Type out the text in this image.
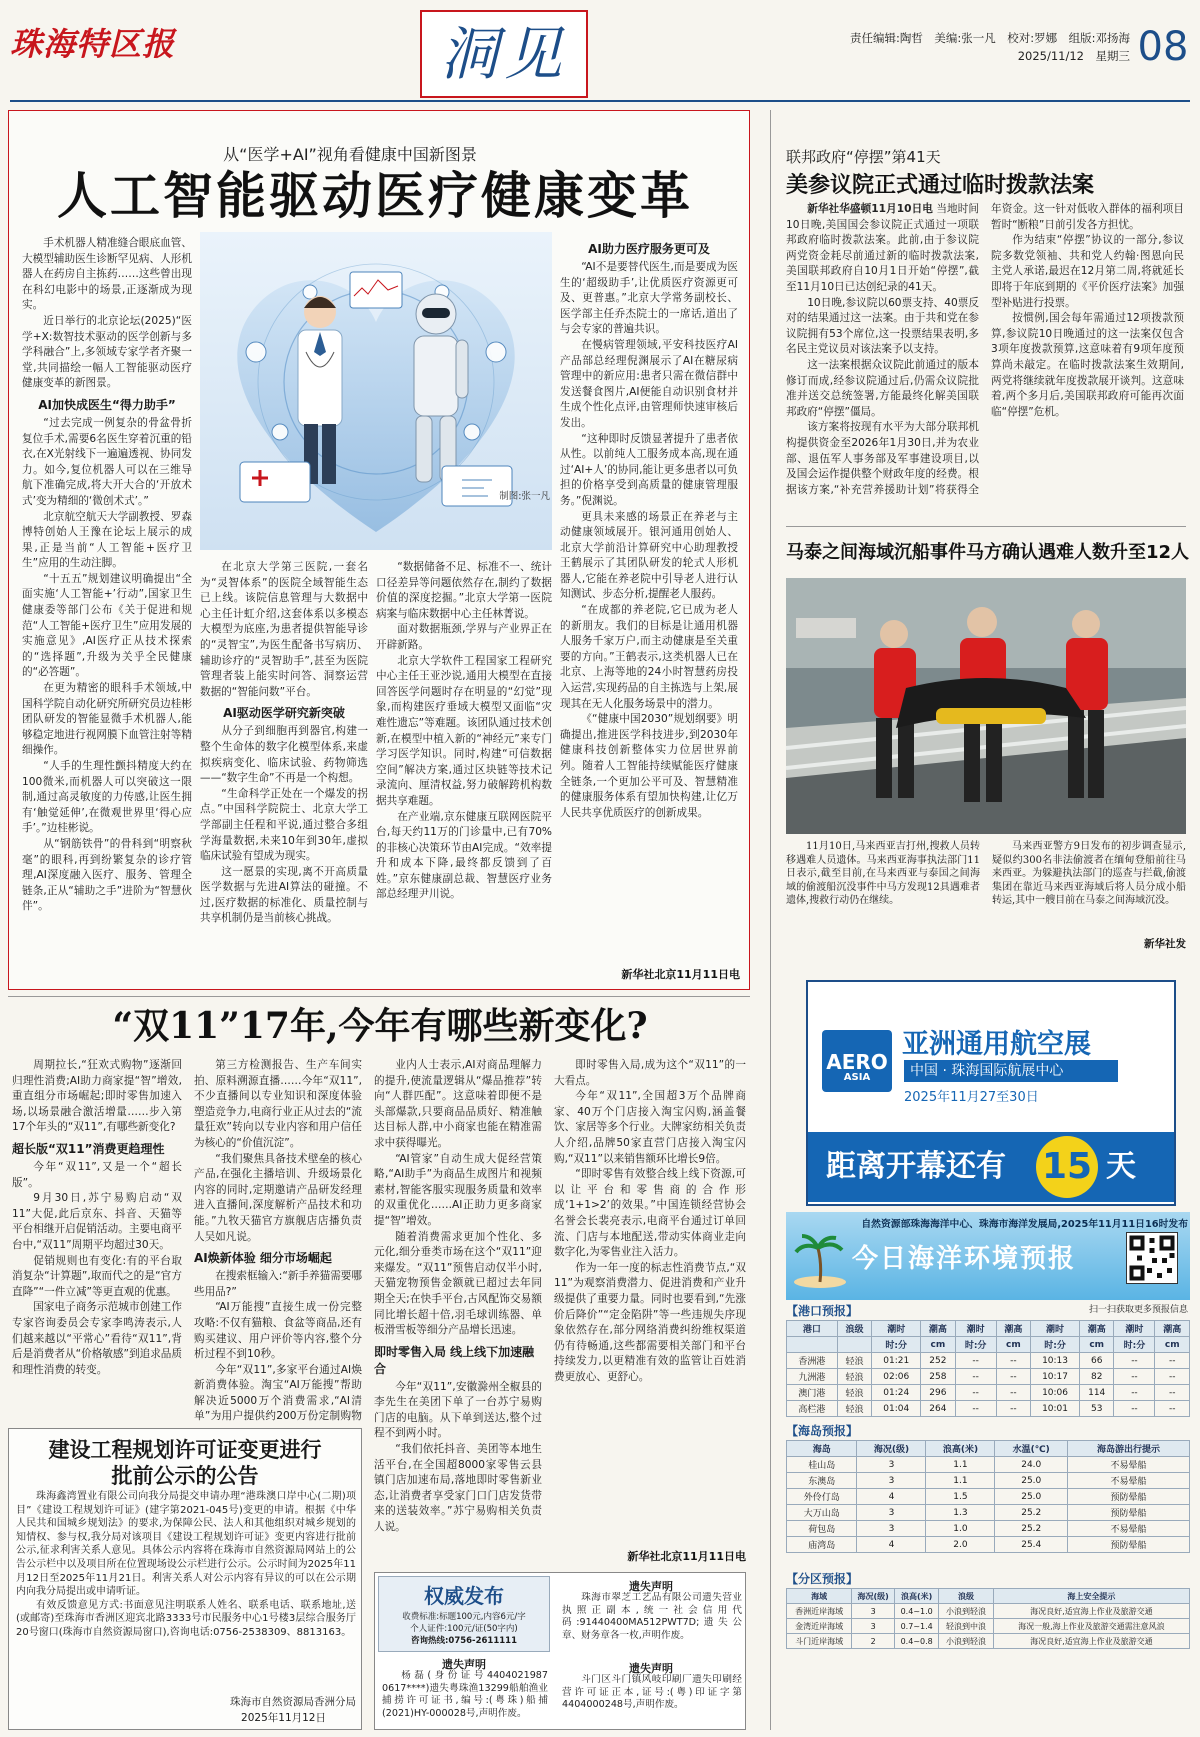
珠海特区报	洞见	责任编辑:陶哲　美编:张一凡　校对:罗娜　组版:邓扬海
2025/11/12　星期三 08
从“医学+AI”视角看健康中国新图景
人工智能驱动医疗健康变革
制图:张一凡

手术机器人精准缝合眼底血管、大模型辅助医生诊断罕见病、人形机器人在药房自主拣药……这些曾出现在科幻电影中的场景,正逐渐成为现实。

近日举行的北京论坛(2025)“医学+X:数智技术驱动的医学创新与多学科融合”上,多领域专家学者齐聚一堂,共同描绘一幅人工智能驱动医疗健康变革的新图景。

AI加快成医生“得力助手”

“过去完成一例复杂的骨盆骨折复位手术,需要6名医生穿着沉重的铅衣,在X光射线下一遍遍透视、协同发力。如今,复位机器人可以在三维导航下准确完成,将大开大合的‘开放术式’变为精细的‘微创术式’。”

北京航空航天大学副教授、罗森博特创始人王豫在论坛上展示的成果,正是当前“人工智能+医疗卫生”应用的生动注脚。

“十五五”规划建议明确提出“全面实施‘人工智能+’行动”,国家卫生健康委等部门公布《关于促进和规范“人工智能+医疗卫生”应用发展的实施意见》,AI医疗正从技术探索的“选择题”,升级为关乎全民健康的“必答题”。

在更为精密的眼科手术领域,中国科学院自动化研究所研究员边桂彬团队研发的智能显微手术机器人,能够稳定地进行视网膜下血管注射等精细操作。

“人手的生理性颤抖精度大约在100微米,而机器人可以突破这一限制,通过高灵敏度的力传感,让医生拥有‘触觉延伸’,在微观世界里‘得心应手’。”边桂彬说。

从“钢筋铁骨”的骨科到“明察秋毫”的眼科,再到纷繁复杂的诊疗管理,AI深度融入医疗、服务、管理全链条,正从“辅助之手”进阶为“智慧伙伴”。

在北京大学第三医院,一套名为“灵智体系”的医院全域智能生态已上线。该院信息管理与大数据中心主任计虹介绍,这套体系以多模态大模型为底座,为患者提供智能导诊的“灵智宝”,为医生配备书写病历、辅助诊疗的“灵智助手”,甚至为医院管理者装上能实时问答、洞察运营数据的“智能问数”平台。

AI驱动医学研究新突破

从分子到细胞再到器官,构建一整个生命体的数字化模型体系,来虚拟疾病变化、临床试验、药物筛选——“数字生命”不再是一个构想。

“生命科学正处在一个爆发的拐点。”中国科学院院士、北京大学工学部副主任程和平说,通过整合多组学海量数据,未来10年到30年,虚拟临床试验有望成为现实。

这一愿景的实现,离不开高质量医学数据与先进AI算法的碰撞。不过,医疗数据的标准化、质量控制与共享机制仍是当前核心挑战。

“数据储备不足、标准不一、统计口径差异等问题依然存在,制约了数据价值的深度挖掘。”北京大学第一医院病案与临床数据中心主任林菁说。

面对数据瓶颈,学界与产业界正在开辟新路。

北京大学软件工程国家工程研究中心主任王亚沙说,通用大模型在直接回答医学问题时存在明显的“幻觉”现象,而构建医疗垂域大模型又面临“灾难性遗忘”等难题。该团队通过技术创新,在模型中植入新的“神经元”来专门学习医学知识。同时,构建“可信数据空间”解决方案,通过区块链等技术记录流向、厘清权益,努力破解跨机构数据共享难题。

在产业端,京东健康互联网医院平台,每天约11万的门诊量中,已有70%的非核心决策环节由AI完成。“效率提升和成本下降,最终都反馈到了百姓。”京东健康副总裁、智慧医疗业务部总经理尹川说。

AI助力医疗服务更可及

“AI不是要替代医生,而是要成为医生的‘超级助手’,让优质医疗资源更可及、更普惠。”北京大学常务副校长、医学部主任乔杰院士的一席话,道出了与会专家的普遍共识。

在慢病管理领域,平安科技医疗AI产品部总经理倪渊展示了AI在糖尿病管理中的新应用:患者只需在微信群中发送餐食图片,AI便能自动识别食材并生成个性化点评,由管理师快速审核后发出。

“这种即时反馈显著提升了患者依从性。以前纯人工服务成本高,现在通过‘AI+人’的协同,能让更多患者以可负担的价格享受到高质量的健康管理服务。”倪渊说。

更具未来感的场景正在养老与主动健康领域展开。银河通用创始人、北京大学前沿计算研究中心助理教授王鹤展示了其团队研发的轮式人形机器人,它能在养老院中引导老人进行认知测试、步态分析,提醒老人服药。

“在成都的养老院,它已成为老人的新朋友。我们的目标是让通用机器人服务千家万户,而主动健康是至关重要的方向。”王鹤表示,这类机器人已在北京、上海等地的24小时智慧药房投入运营,实现药品的自主拣选与上架,展现其在无人化服务场景中的潜力。

《“健康中国2030”规划纲要》明确提出,推进医学科技进步,到2030年健康科技创新整体实力位居世界前列。随着人工智能持续赋能医疗健康全链条,一个更加公平可及、智慧精准的健康服务体系有望加快构建,让亿万人民共享优质医疗的创新成果。

新华社北京11月11日电
联邦政府“停摆”第41天
美参议院正式通过临时拨款法案

新华社华盛顿11月10日电 当地时间10日晚,美国国会参议院正式通过一项联邦政府临时拨款法案。此前,由于参议院两党资金耗尽前通过新的临时拨款法案,美国联邦政府自10月1日开始“停摆”,截至11月10日已达创纪录的41天。

10日晚,参议院以60票支持、40票反对的结果通过这一法案。由于共和党在参议院拥有53个席位,这一投票结果表明,多名民主党议员对该法案予以支持。

这一法案根据众议院此前通过的版本修订而成,经参议院通过后,仍需众议院批准并送交总统签署,方能最终化解美国联邦政府“停摆”僵局。

该方案将按现有水平为大部分联邦机构提供资金至2026年1月30日,并为农业部、退伍军人事务部及军事建设项目,以及国会运作提供整个财政年度的经费。根据该方案,“补充营养援助计划”将获得全年资金。这一针对低收入群体的福利项目暂时“断粮”日前引发各方担忧。

作为结束“停摆”协议的一部分,参议院多数党领袖、共和党人约翰·图恩向民主党人承诺,最迟在12月第二周,将就延长即将于年底到期的《平价医疗法案》加强型补贴进行投票。

按惯例,国会每年需通过12项拨款预算,参议院10日晚通过的这一法案仅包含3项年度拨款预算,这意味着有9项年度预算尚未敲定。在临时拨款法案生效期间,两党将继续就年度拨款展开谈判。这意味着,两个多月后,美国联邦政府可能再次面临“停摆”危机。

马泰之间海域沉船事件马方确认遇难人数升至12人
11月10日,马来西亚吉打州,搜救人员转移遇难人员遗体。马来西亚海事执法部门11日表示,截至目前,在马来西亚与泰国之间海域的偷渡船沉没事件中马方发现12具遇难者遗体,搜救行动仍在继续。
马来西亚警方9日发布的初步调查显示,疑似约300名非法偷渡者在缅甸登船前往马来西亚。为躲避执法部门的巡查与拦截,偷渡集团在靠近马来西亚海域后将人员分成小船转运,其中一艘目前在马泰之间海域沉没。
新华社发
“双11”17年,今年有哪些新变化?

周期拉长,“狂欢式购物”逐渐回归理性消费;AI助力商家提“智”增效,重直组分市场崛起;即时零售加速入场,以场景融合激活增量……步入第17个年头的“双11”,有哪些新变化?

超长版“双11”消费更趋理性

今年“双11”,又是一个“超长版”。

9月30日,苏宁易购启动“双11”大促,此后京东、抖音、天猫等平台相继开启促销活动。主要电商平台中,“双11”周期平均超过30天。

促销规则也有变化:有的平台取消复杂“计算题”,取而代之的是“官方直降”“一件立减”等更直观的优惠。

国家电子商务示范城市创建工作专家咨询委员会专家李鸣涛表示,人们越来越以“平常心”看待“双11”,背后是消费者从“价格敏感”到追求品质和理性消费的转变。

第三方检测报告、生产车间实拍、原料溯源直播……今年“双11”,不少直播间以专业知识和深度体验塑造竞争力,电商行业正从过去的“流量狂欢”转向以专业内容和用户信任为核心的“价值沉淀”。

“我们聚焦具备技术壁垒的核心产品,在强化主播培训、升级场景化内容的同时,定期邀请产品研发经理进入直播间,深度解析产品技术和功能。”九牧天猫官方旗舰店店播负责人吴如凡说。

AI焕新体验 细分市场崛起

在搜索框输入:“新手养猫需要哪些用品?”

“AI万能搜”直接生成一份完整攻略:不仅有猫粮、食盆等商品,还有购买建议、用户评价等内容,整个分析过程不到10秒。

今年“双11”,多家平台通过AI焕新消费体验。淘宝“AI万能搜”帮助解决近5000万个消费需求,“AI清单”为用户提供约200万份定制购物

业内人士表示,AI对商品理解力的提升,使流量逻辑从“爆品推荐”转向“人群匹配”。这意味着即便不是头部爆款,只要商品品质好、精准触达目标人群,中小商家也能在精准需求中获得曝光。

“AI管家”自动生成大促经营策略,“AI助手”为商品生成图片和视频素材,智能客服实现服务质量和效率的双重优化……AI正助力更多商家提“智”增效。

随着消费需求更加个性化、多元化,细分垂类市场在这个“双11”迎来爆发。“双11”预售启动仅半小时,天猫宠物预售金额就已超过去年同期全天;在快手平台,古风配饰交易额同比增长超十倍,羽毛球训练器、单板滑雪板等细分产品增长迅速。

即时零售入局 线上线下加速融合

今年“双11”,安徽滁州全椒县的李先生在美团下单了一台苏宁易购门店的电脑。从下单到送达,整个过程不到两小时。

“我们依托抖音、美团等本地生活平台,在全国超8000家零售云县镇门店加速布局,落地即时零售新业态,让消费者享受家门口门店发货带来的送装效率。”苏宁易购相关负责人说。

即时零售入局,成为这个“双11”的一大看点。

今年“双11”,全国超3万个品牌商家、40万个门店接入淘宝闪购,涵盖餐饮、家居等多个行业。大牌家纺相关负责人介绍,品牌50家直营门店接入淘宝闪购,“双11”以来销售额环比增长9倍。

“即时零售有效整合线上线下资源,可以让平台和零售商的合作形成‘1+1>2’的效果。”中国连锁经营协会名誉会长裴亮表示,电商平台通过订单回流、门店与本地配送,带动实体商业走向数字化,为零售业注入活力。

作为一年一度的标志性消费节点,“双11”为观察消费潜力、促进消费和产业升级提供了重要力量。同时也要看到,“先涨价后降价”“定金陷阱”等一些违规失序现象依然存在,部分网络消费纠纷维权渠道仍有待畅通,这些都需要相关部门和平台持续发力,以更精准有效的监管让百姓消费更放心、更舒心。

新华社北京11月11日电
建设工程规划许可证变更进行
批前公示的公告

珠海鑫湾置业有限公司向我分局提交申请办理“港珠澳口岸中心(二期)项目”《建设工程规划许可证》(建字第2021-045号)变更的申请。根据《中华人民共和国城乡规划法》的要求,为保障公民、法人和其他组织对城乡规划的知情权、参与权,我分局对该项目《建设工程规划许可证》变更内容进行批前公示,征求利害关系人意见。具体公示内容将在珠海市自然资源局网站上的公告公示栏中以及项目所在位置现场设公示栏进行公示。公示时间为2025年11月12日至2025年11月21日。利害关系人对公示内容有异议的可以在公示期内向我分局提出或申请听证。

有效反馈意见方式:书面意见注明联系人姓名、联系电话、联系地址,送(或邮寄)至珠海市香洲区迎宾北路3333号市民服务中心1号楼3层综合服务厅20号窗口(珠海市自然资源局窗口),咨询电话:0756-2538309、8813163。

珠海市自然资源局香洲分局
2025年11月12日
权威发布
收费标准:标题100元,内容6元/字
个人证件:100元/证(50字内)
咨询热线:0756-2611111
遗失声明
杨磊(身份证号4404021987 0617****)遗失粤珠渔13299船舶渔业捕捞许可证书,编号:(粤珠)船捕(2021)HY-000028号,声明作废。
遗失声明
珠海市翠芝工艺品有限公司遗失营业执照正副本,统一社会信用代码:91440400MA512PWT7D;遗失公章、财务章各一枚,声明作废。
遗失声明
斗门区斗门镇风岐印刷厂遗失印刷经营许可证正本,证号:(粤)印证字第4404000248号,声明作废。
AERO
ASIA
亚洲通用航空展
中国 · 珠海国际航展中心
2025年11月27至30日
距离开幕还有 15 天
自然资源部珠海海洋中心、珠海市海洋发展局,2025年11月11日16时发布
今日海洋环境预报
扫一扫获取更多预报信息
【港口预报】
港口	浪级	潮时	潮高	潮时	潮高	潮时	潮高	潮时	潮高
		时:分	cm	时:分	cm	时:分	cm	时:分	cm
香洲港	轻浪	01:21	252	--	--	10:13	66	--	--
九洲港	轻浪	02:06	258	--	--	10:17	82	--	--
澳门港	轻浪	01:24	296	--	--	10:06	114	--	--
高栏港	轻浪	01:04	264	--	--	10:01	53	--	--
【海岛预报】
海岛	海况(级)	浪高(米)	水温(℃)	海岛游出行提示
桂山岛	3	1.1	24.0	不易晕船
东澳岛	3	1.1	25.0	不易晕船
外伶仃岛	4	1.5	25.0	预防晕船
大万山岛	3	1.3	25.2	预防晕船
荷包岛	3	1.0	25.2	不易晕船
庙湾岛	4	2.0	25.4	预防晕船
【分区预报】
海域	海况(级)	浪高(米)	浪级	海上安全提示
香洲近岸海域	3	0.4~1.0	小浪到轻浪	海况良好,适宜海上作业及旅游交通
金湾近岸海域	3	0.7~1.4	轻浪到中浪	海况一般,海上作业及旅游交通需注意风浪
斗门近岸海域	2	0.4~0.8	小浪到轻浪	海况良好,适宜海上作业及旅游交通
